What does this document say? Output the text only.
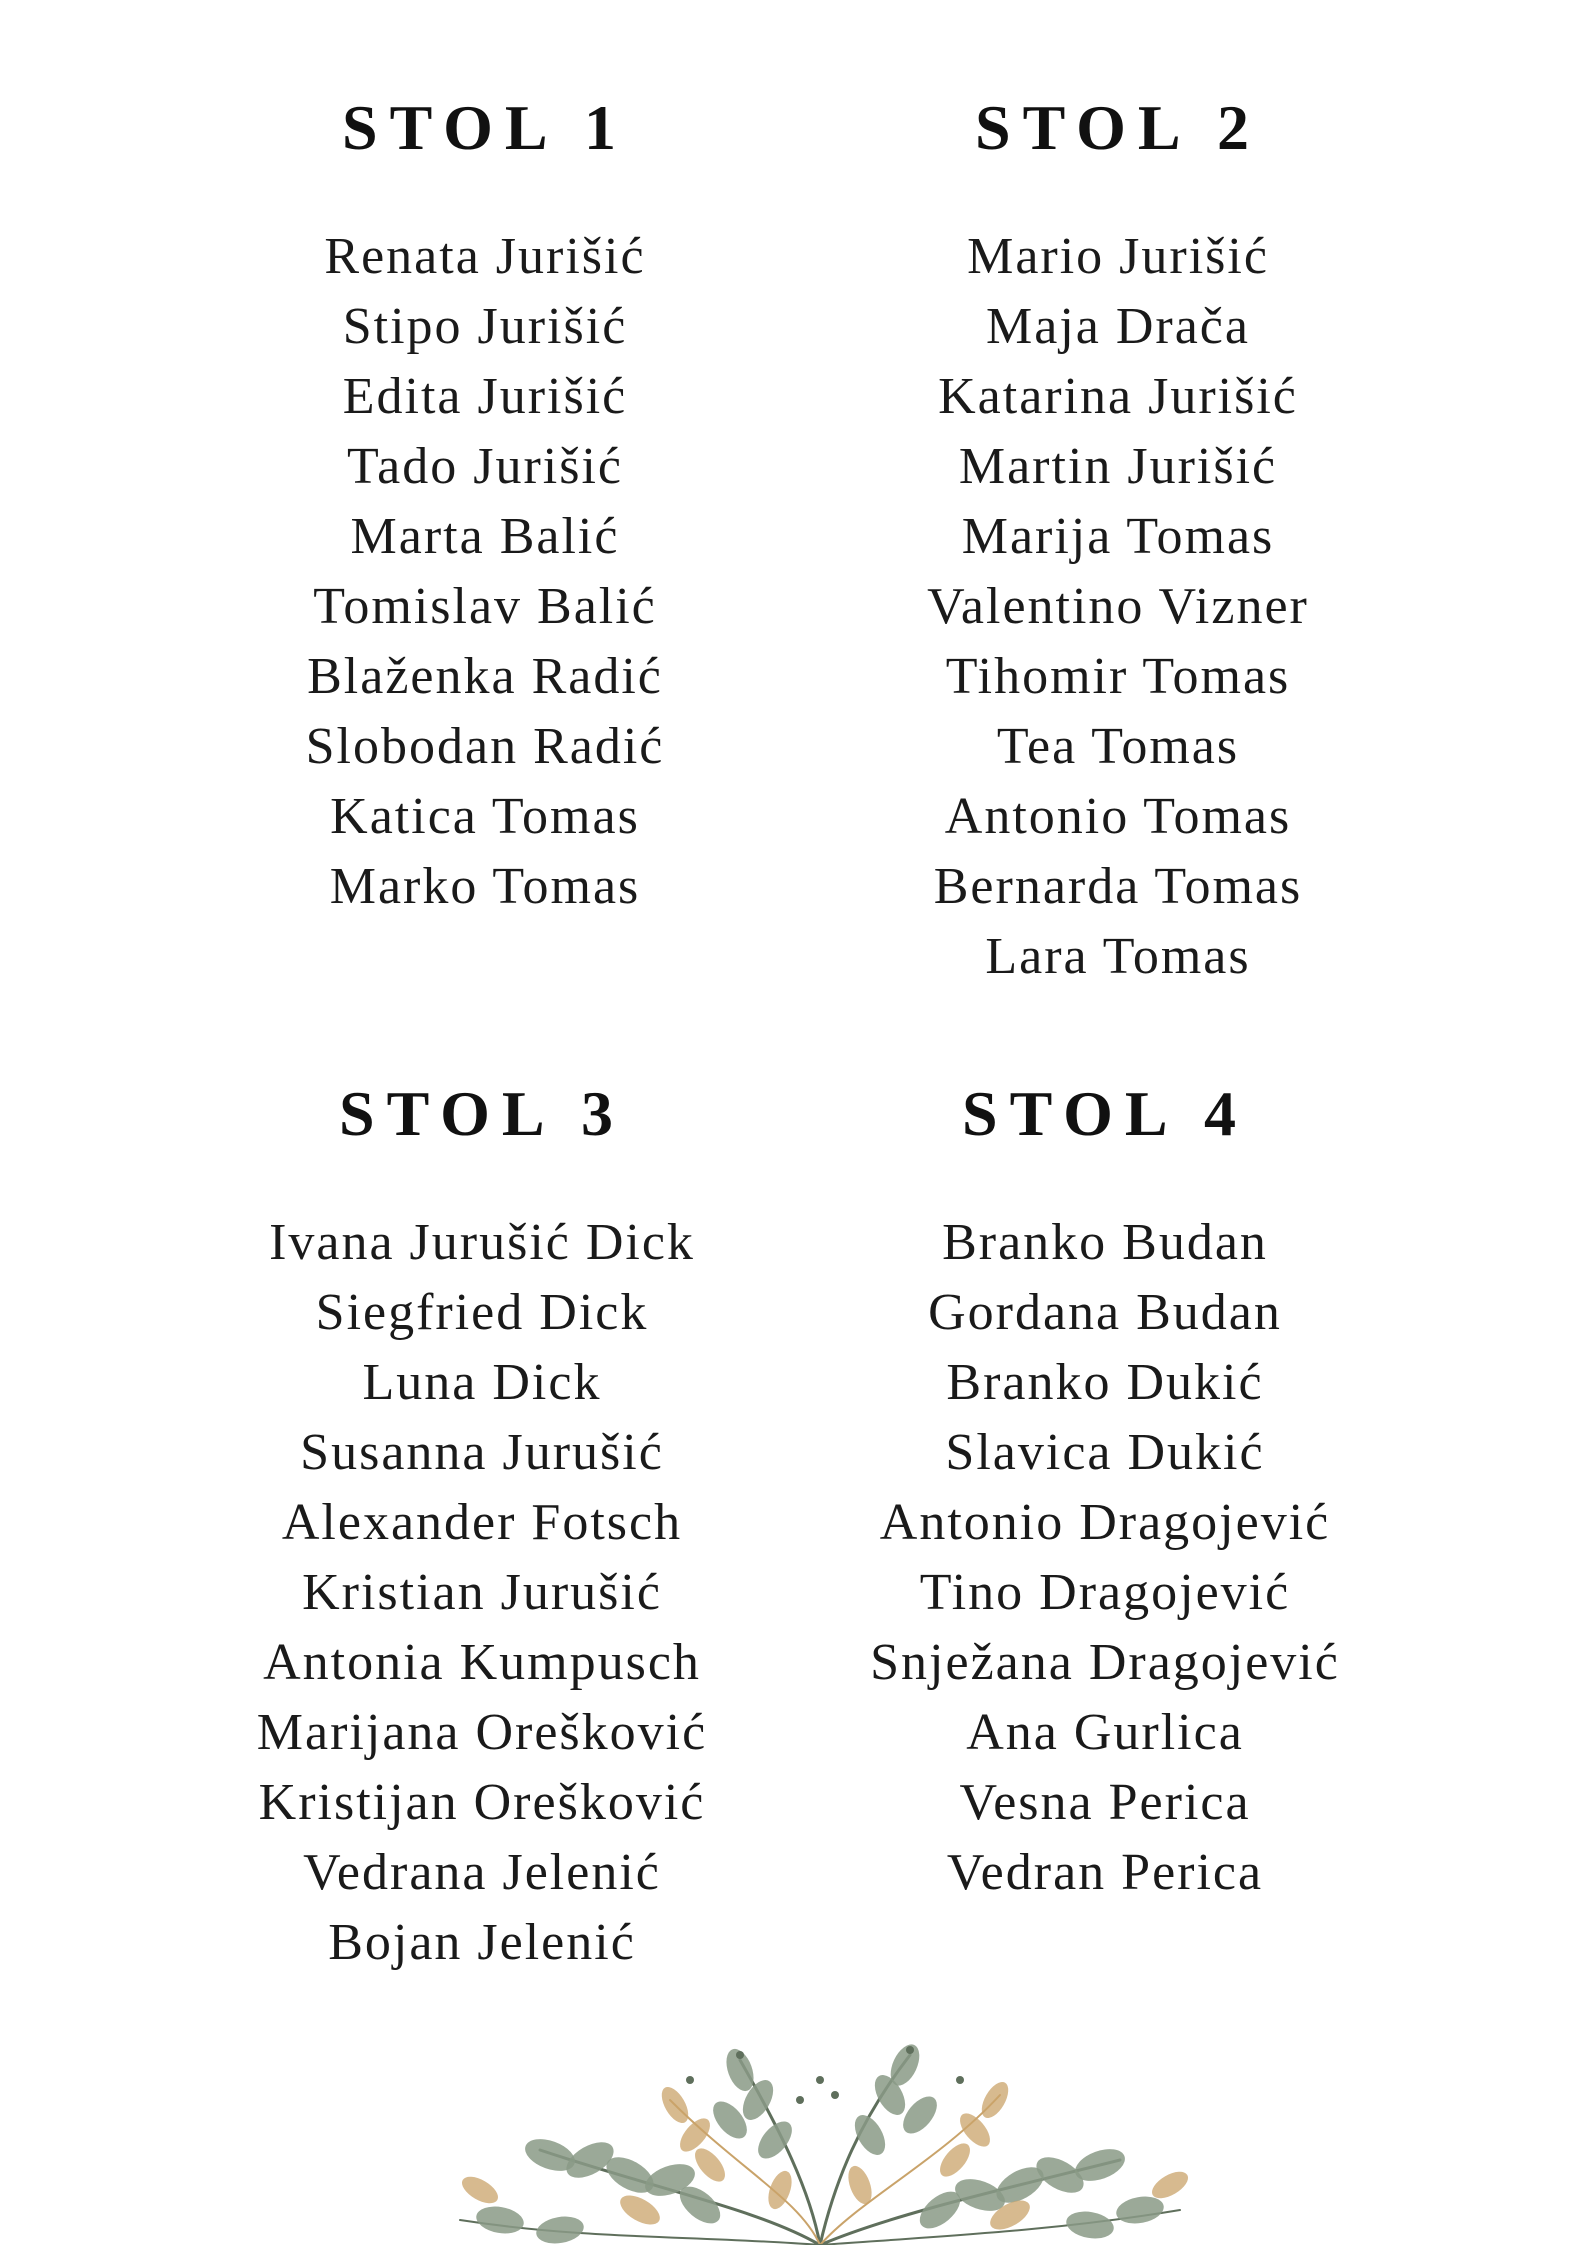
STOL 1
Renata Jurišić
Stipo Jurišić
Edita Jurišić
Tado Jurišić
Marta Balić
Tomislav Balić
Blaženka Radić
Slobodan Radić
Katica Tomas
Marko Tomas
STOL 2
Mario Jurišić
Maja Drača
Katarina Jurišić
Martin Jurišić
Marija Tomas
Valentino Vizner
Tihomir Tomas
Tea Tomas
Antonio Tomas
Bernarda Tomas
Lara Tomas
STOL 3
Ivana Jurušić Dick
Siegfried Dick
Luna Dick
Susanna Jurušić
Alexander Fotsch
Kristian Jurušić
Antonia Kumpusch
Marijana Orešković
Kristijan Orešković
Vedrana Jelenić
Bojan Jelenić
STOL 4
Branko Budan
Gordana Budan
Branko Dukić
Slavica Dukić
Antonio Dragojević
Tino Dragojević
Snježana Dragojević
Ana Gurlica
Vesna Perica
Vedran Perica
